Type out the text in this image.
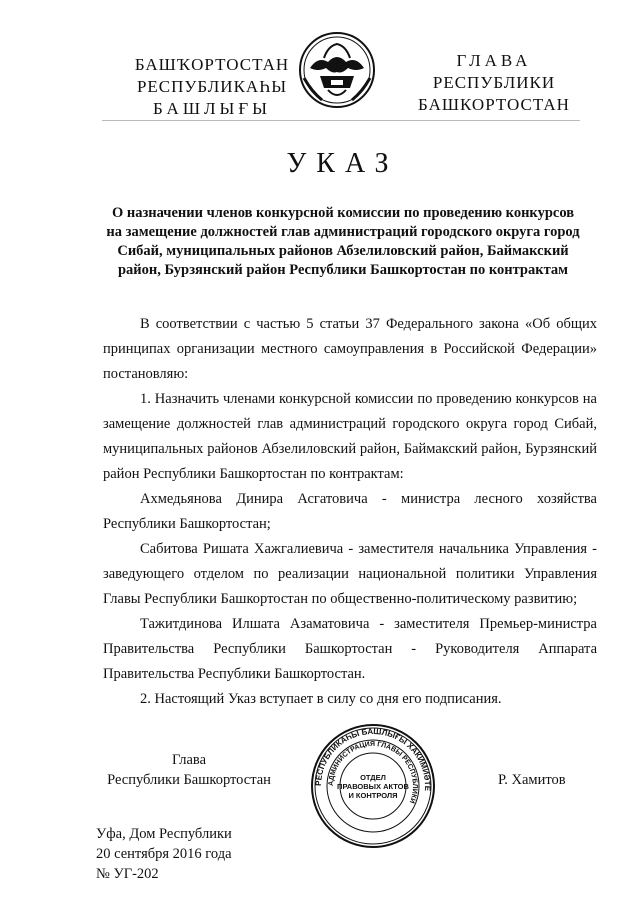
БАШҠОРТОСТАН
РЕСПУБЛИКАҺЫ
БАШЛЫҒЫ
ГЛАВА
РЕСПУБЛИКИ
БАШКОРТОСТАН
УКАЗ
О назначении членов конкурсной комиссии по проведению конкурсов
на замещение должностей глав администраций городского округа город
Сибай, муниципальных районов Абзелиловский район, Баймакский
район, Бурзянский район Республики Башкортостан по контрактам

В соответствии с частью 5 статьи 37 Федерального закона «Об общих принципах организации местного самоуправления в Российской Федерации» постановляю:

1. Назначить членами конкурсной комиссии по проведению конкурсов на замещение должностей глав администраций городского округа город Сибай, муниципальных районов Абзелиловский район, Баймакский район, Бурзянский район Республики Башкортостан по контрактам:

Ахмедьянова Динира Асгатовича - министра лесного хозяйства Республики Башкортостан;

Сабитова Ришата Хажгалиевича - заместителя начальника Управления - заведующего отделом по реализации национальной политики Управления Главы Республики Башкортостан по общественно-политическому развитию;

Тажитдинова Илшата Азаматовича - заместителя Премьер-министра Правительства Республики Башкортостан - Руководителя Аппарата Правительства Республики Башкортостан.

2. Настоящий Указ вступает в силу со дня его подписания.

Глава
Республики Башкортостан	РЕСПУБЛИКАҺЫ БАШЛЫҒЫ ХАКИМИӘТЕ
АДМИНИСТРАЦИЯ ГЛАВЫ РЕСПУБЛИКИ
ОТДЕЛ
ПРАВОВЫХ АКТОВ
И КОНТРОЛЯ
Р. Хамитов
Уфа, Дом Республики
20 сентября 2016 года
№ УГ-202
